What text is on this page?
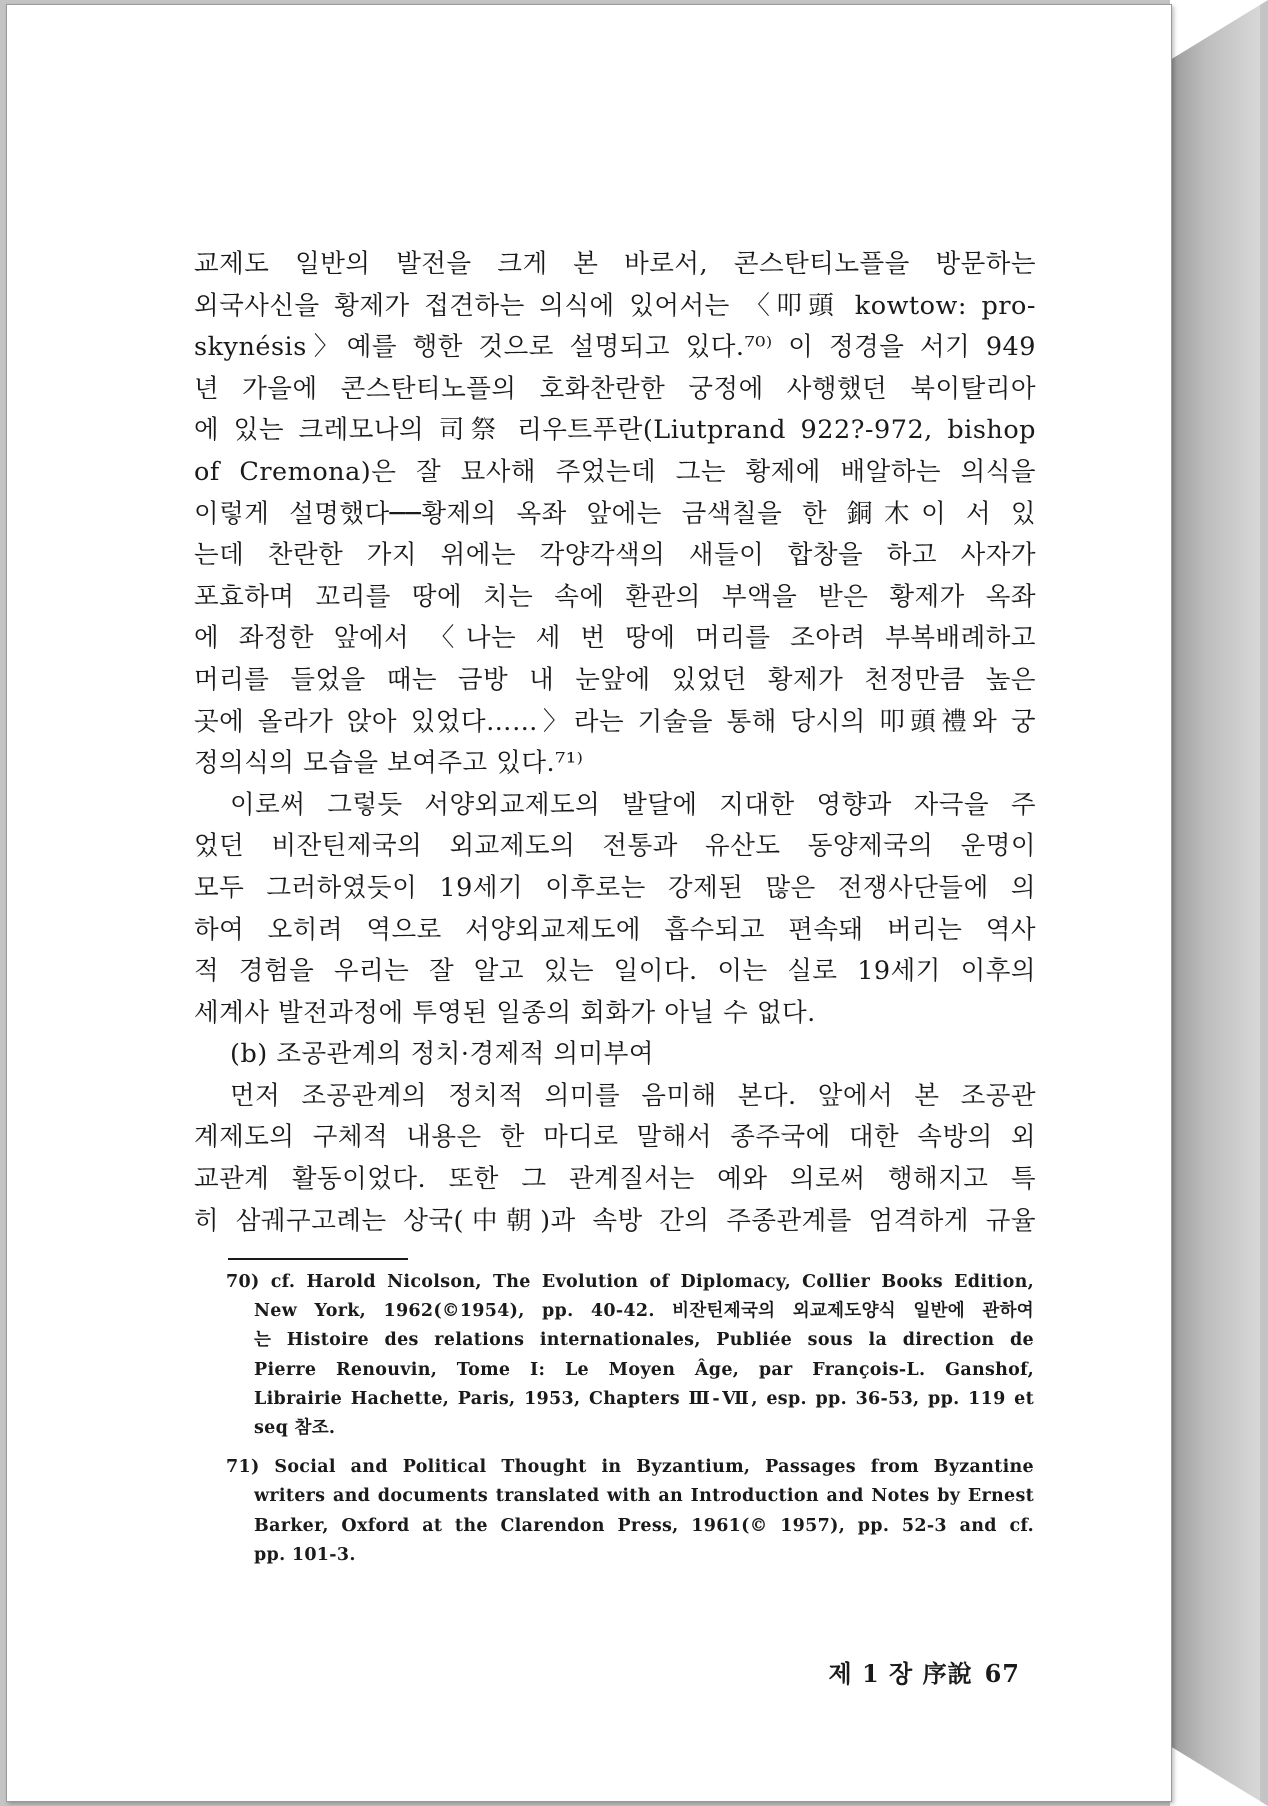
교제도 일반의 발전을 크게 본 바로서, 콘스탄티노플을 방문하는
외국사신을 황제가 접견하는 의식에 있어서는 〈叩頭 kowtow: pro-
skynésis〉예를 행한 것으로 설명되고 있다.⁷⁰⁾ 이 정경을 서기 949
년 가을에 콘스탄티노플의 호화찬란한 궁정에 사행했던 북이탈리아
에 있는 크레모나의 司祭 리우트푸란(Liutprand 922?-972, bishop
of Cremona)은 잘 묘사해 주었는데 그는 황제에 배알하는 의식을
이렇게 설명했다──황제의 옥좌 앞에는 금색칠을 한 銅木이 서 있
는데 찬란한 가지 위에는 각양각색의 새들이 합창을 하고 사자가
포효하며 꼬리를 땅에 치는 속에 환관의 부액을 받은 황제가 옥좌
에 좌정한 앞에서 〈나는 세 번 땅에 머리를 조아려 부복배례하고
머리를 들었을 때는 금방 내 눈앞에 있었던 황제가 천정만큼 높은
곳에 올라가 앉아 있었다……〉라는 기술을 통해 당시의 叩頭禮와 궁
정의식의 모습을 보여주고 있다.⁷¹⁾
이로써 그렇듯 서양외교제도의 발달에 지대한 영향과 자극을 주
었던 비잔틴제국의 외교제도의 전통과 유산도 동양제국의 운명이
모두 그러하였듯이 19세기 이후로는 강제된 많은 전쟁사단들에 의
하여 오히려 역으로 서양외교제도에 흡수되고 편속돼 버리는 역사
적 경험을 우리는 잘 알고 있는 일이다. 이는 실로 19세기 이후의
세계사 발전과정에 투영된 일종의 회화가 아닐 수 없다.
(b) 조공관계의 정치·경제적 의미부여
먼저 조공관계의 정치적 의미를 음미해 본다. 앞에서 본 조공관
계제도의 구체적 내용은 한 마디로 말해서 종주국에 대한 속방의 외
교관계 활동이었다. 또한 그 관계질서는 예와 의로써 행해지고 특
히 삼궤구고례는 상국(中朝)과 속방 간의 주종관계를 엄격하게 규율
70) cf. Harold Nicolson, The Evolution of Diplomacy, Collier Books Edition,
New York, 1962(©1954), pp. 40-42. 비잔틴제국의 외교제도양식 일반에 관하여
는 Histoire des relations internationales, Publiée sous la direction de
Pierre Renouvin, Tome I: Le Moyen Âge, par François-L. Ganshof,
Librairie Hachette, Paris, 1953, Chapters Ⅲ-Ⅶ, esp. pp. 36-53, pp. 119 et
seq 참조.
71) Social and Political Thought in Byzantium, Passages from Byzantine
writers and documents translated with an Introduction and Notes by Ernest
Barker, Oxford at the Clarendon Press, 1961(© 1957), pp. 52-3 and cf.
pp. 101-3.
제 1 장 序說 67
